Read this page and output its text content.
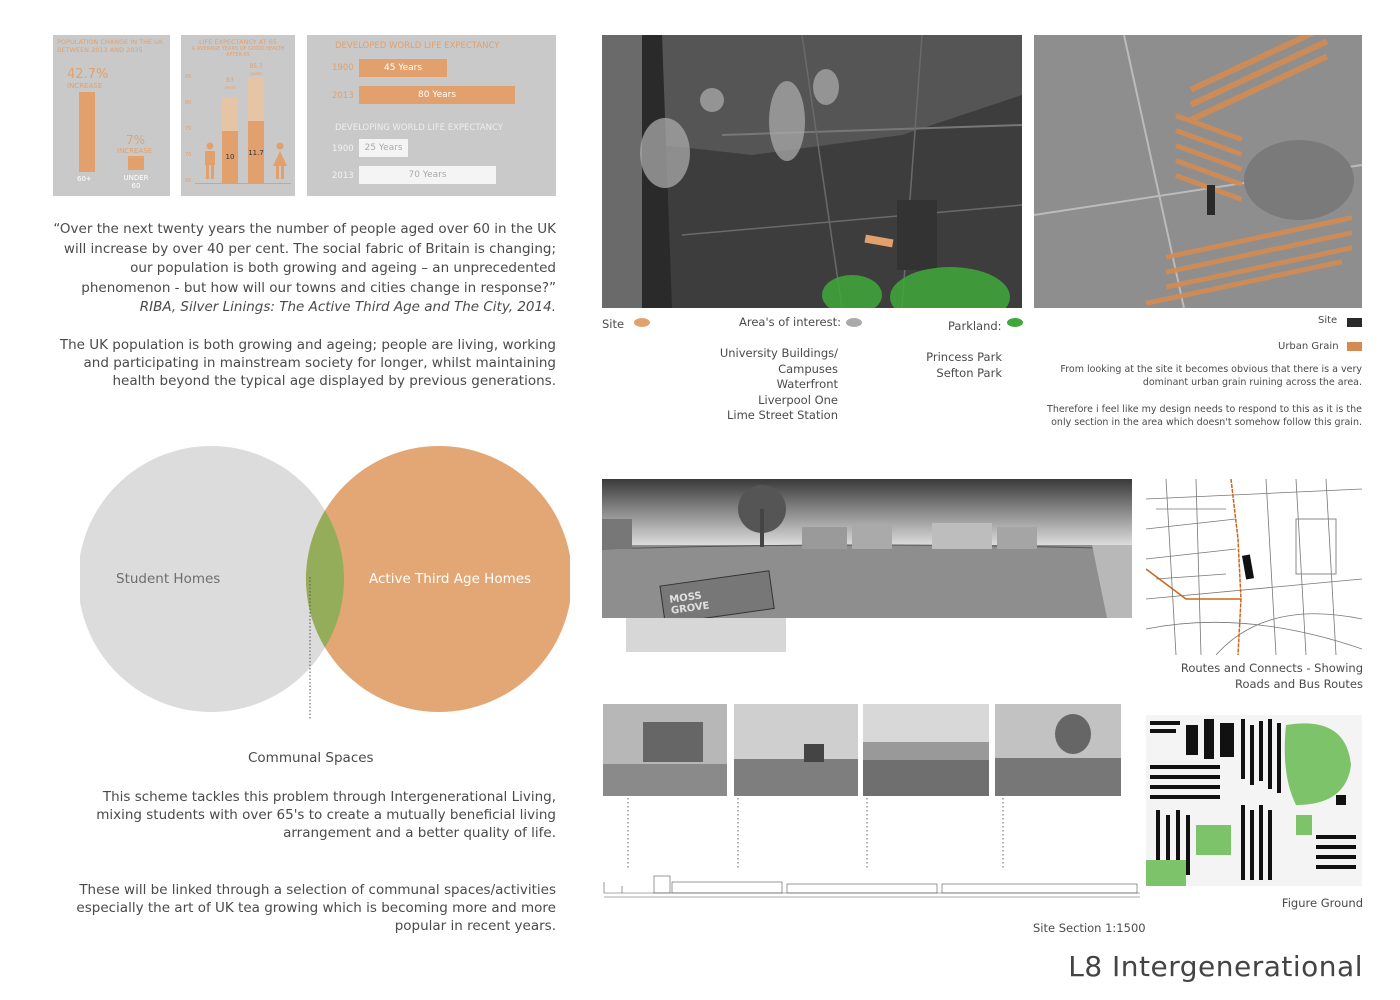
POPULATION CHANGE IN THE UK BETWEEN 2013 AND 2035
42.7%
INCREASE
60+
7%
INCREASE
UNDER 60
LIFE EXPECTANCY AT 65
& AVERAGE YEARS OF GOOD HEALTH AFTER 65
85
80
75
70
65
83
years
10
85.7
years
11.7
DEVELOPED WORLD LIFE EXPECTANCY
1900	45 Years
2013	80 Years
DEVELOPING WORLD LIFE EXPECTANCY
1900	25 Years
2013	70 Years
“Over the next twenty years the number of people aged over 60 in the UK will increase by over 40 per cent. The social fabric of Britain is changing; our population is both growing and ageing – an unprecedented phenomenon - but how will our towns and cities change in response?”
RIBA, Silver Linings: The Active Third Age and The City, 2014.
The UK population is both growing and ageing; people are living, working and participating in mainstream society for longer, whilst maintaining health beyond the typical age displayed by previous generations.
Student Homes	Active Third Age Homes
Communal Spaces
This scheme tackles this problem through Intergenerational Living, mixing students with over 65's to create a mutually beneficial living arrangement and a better quality of life.
These will be linked through a selection of communal spaces/activities especially the art of UK tea growing which is becoming more and more popular in recent years.
Site	Area's of interest:	Parkland:
University Buildings/
Campuses
Waterfront
Liverpool One
Lime Street Station
Princess Park
Sefton Park
Site
Urban Grain
From looking at the site it becomes obvious that there is a very dominant urban grain ruining across the area.
Therefore i feel like my design needs to respond to this as it is the only section in the area which doesn't somehow follow this grain.
MOSS GROVE
Routes and Connects - Showing Roads and Bus Routes
Site Section 1:1500
Figure Ground
L8 Intergenerational
